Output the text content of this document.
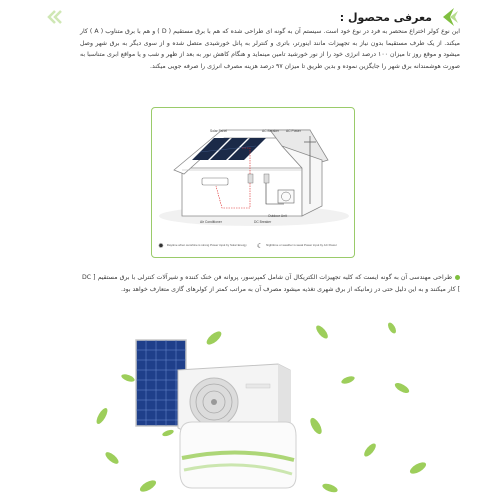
معرفی محصول :
این نوع کولر اختراع منحصر به فرد در نوع خود است. سیستم آن به گونه ای طراحی شده که هم با برق مستقیم ( D ) و هم با برق متناوب ( A ) کار میکند. از یک طرف مستقیما بدون نیاز به تجهیزات مانند اینورتر، باتری و کنترلر به پانل خورشیدی متصل شده و از سوی دیگر به برق شهر وصل میشود و موقع روز تا میزان ۱۰۰ درصد انرژی خود را از نور خورشید تامین مینماید و هنگام کاهش نور به بعد از ظهر و شب و یا مواقع ابری متناسبا به صورت هوشمندانه برق شهر را جایگزین نموده و بدین طریق تا میزان ۹۷ درصد هزینه مصرف انرژی را صرفه جویی میکند.
Solar Panel	AC Breaker AC Power
Outdoor Unit
Air Conditioner	DC Breaker
✹ Daytime when sunshine is strong Power input by Solar Energy ☾ Nighttime or weather is weak Power input by AC Power
طراحی مهندسی آن به گونه ایست که کلیه تجهیزات الکتریکال آن شامل کمپرسور، پروانه فن خنک کننده و شیرآلات کنترلی با برق مستقیم [ DC ] کار میکنند و به این دلیل حتی در زمانیکه از برق شهری تغذیه میشود مصرف آن به مراتب کمتر از کولرهای گازی متعارف خواهد بود.
